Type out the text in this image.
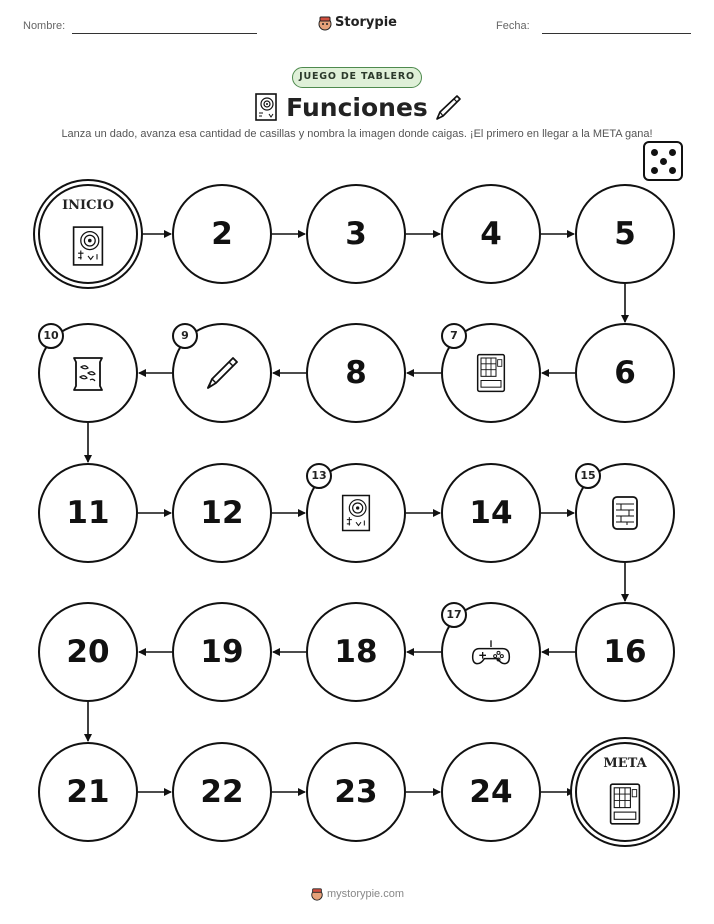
Nombre:	Storypie	Fecha:
JUEGO DE TABLERO
Funciones
Lanza un dado, avanza esa cantidad de casillas y nombra la imagen donde caigas. ¡El primero en llegar a la META gana!
INICIO
2	3	4	5
6
7
8
9
10
11	12
13
14
15
16
17
18
19
20
21	22	23	24
META
mystorypie.com
